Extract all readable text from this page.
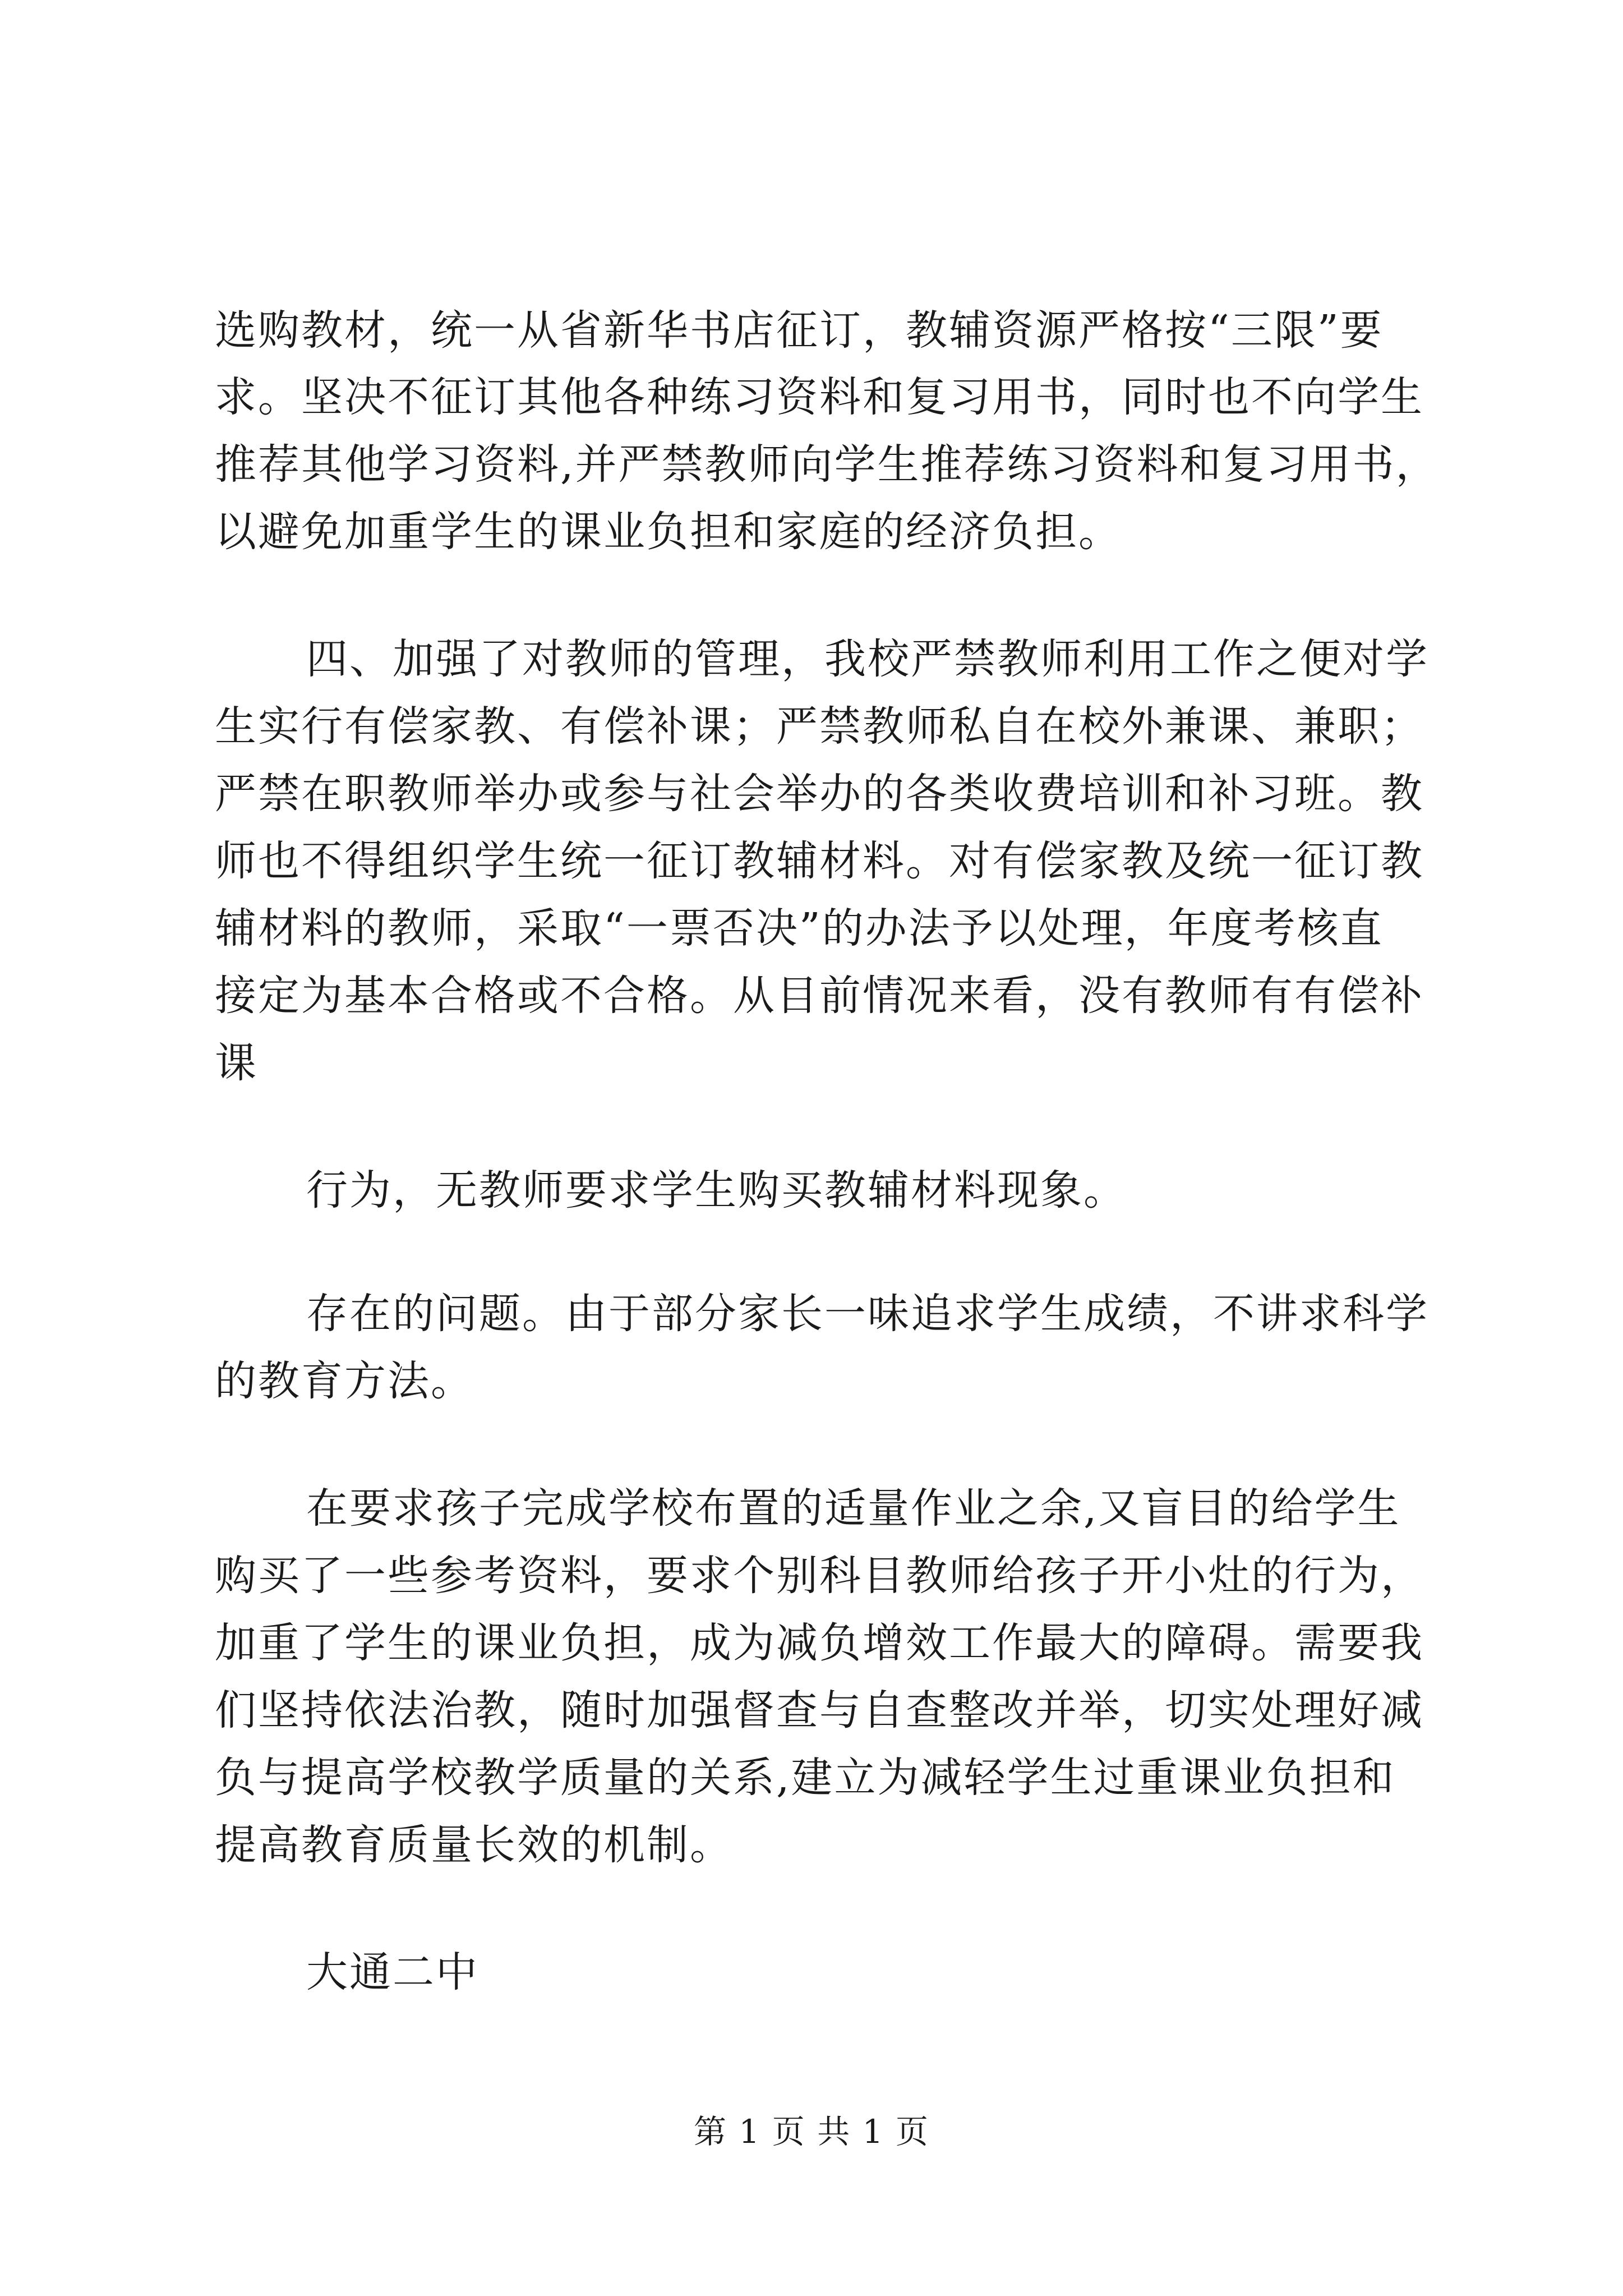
选购教材，统一从省新华书店征订，教辅资源严格按“三限”要
求。坚决不征订其他各种练习资料和复习用书，同时也不向学生
推荐其他学习资料,并严禁教师向学生推荐练习资料和复习用书，
以避免加重学生的课业负担和家庭的经济负担。
四、加强了对教师的管理，我校严禁教师利用工作之便对学
生实行有偿家教、有偿补课；严禁教师私自在校外兼课、兼职；
严禁在职教师举办或参与社会举办的各类收费培训和补习班。教
师也不得组织学生统一征订教辅材料。对有偿家教及统一征订教
辅材料的教师，采取“一票否决”的办法予以处理，年度考核直
接定为基本合格或不合格。从目前情况来看，没有教师有有偿补
课
行为，无教师要求学生购买教辅材料现象。
存在的问题。由于部分家长一味追求学生成绩，不讲求科学
的教育方法。
在要求孩子完成学校布置的适量作业之余,又盲目的给学生
购买了一些参考资料，要求个别科目教师给孩子开小灶的行为，
加重了学生的课业负担，成为减负增效工作最大的障碍。需要我
们坚持依法治教，随时加强督查与自查整改并举，切实处理好减
负与提高学校教学质量的关系,建立为减轻学生过重课业负担和
提高教育质量长效的机制。
大通二中
第 1 页 共 1 页
